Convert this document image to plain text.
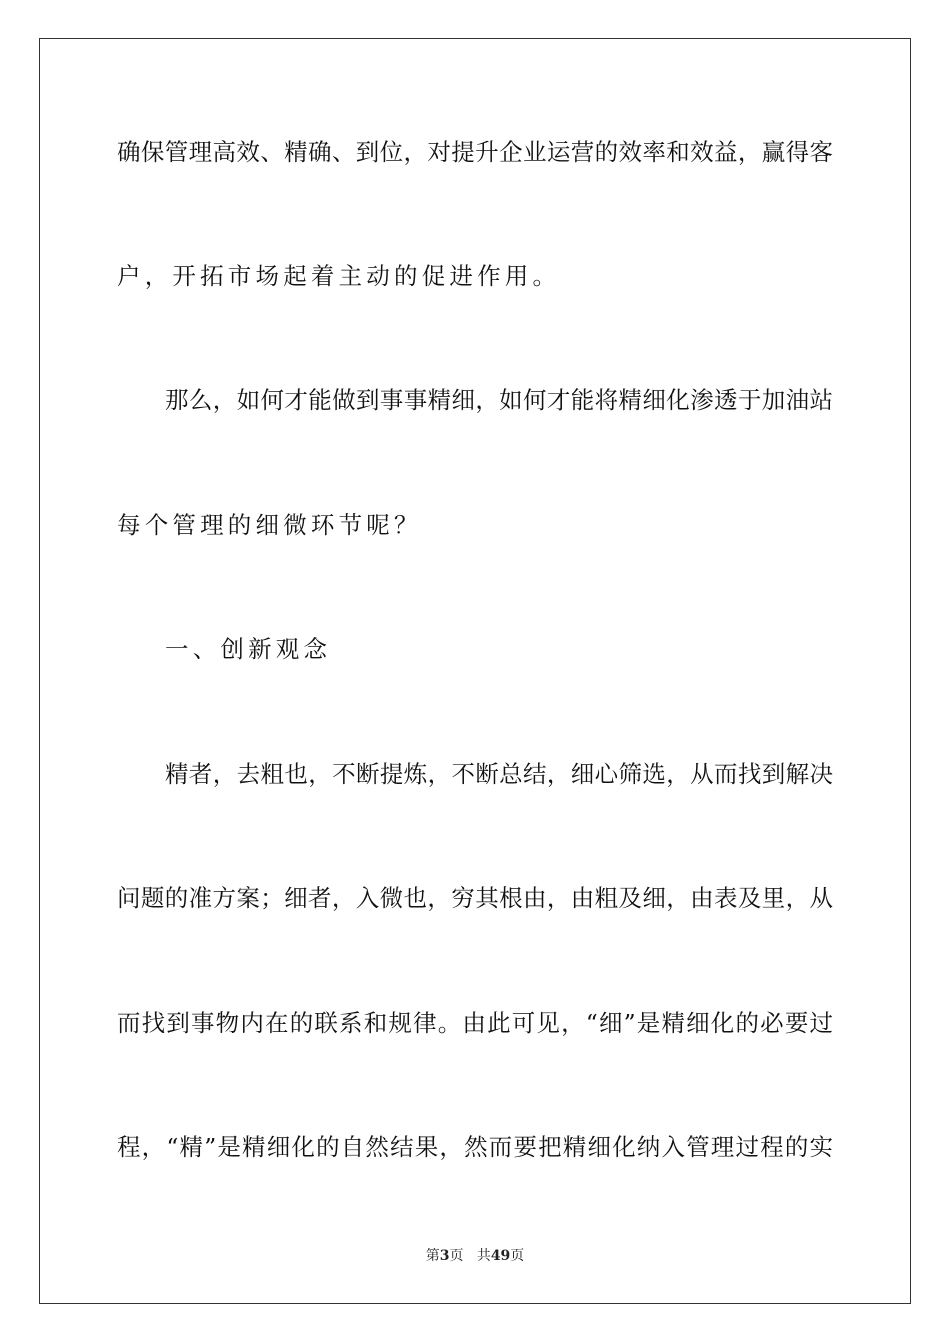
确保管理高效、精确、到位，对提升企业运营的效率和效益，赢得客
户，开拓市场起着主动的促进作用。
那么，如何才能做到事事精细，如何才能将精细化渗透于加油站
每个管理的细微环节呢？
一、创新观念
精者，去粗也，不断提炼，不断总结，细心筛选，从而找到解决
问题的准方案；细者，入微也，穷其根由，由粗及细，由表及里，从
而找到事物内在的联系和规律。由此可见，“细”是精细化的必要过
程，“精”是精细化的自然结果，然而要把精细化纳入管理过程的实
第3页 共49页
